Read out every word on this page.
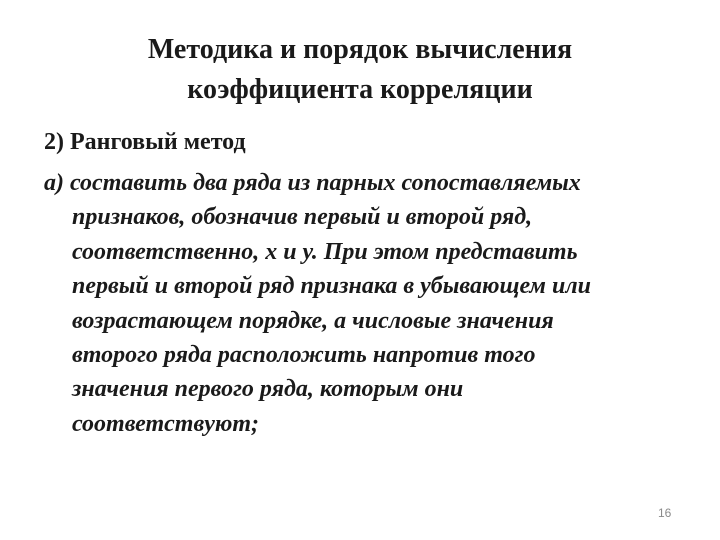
Методика и порядок вычисления
коэффициента корреляции

2) Ранговый метод

а) составить два ряда из парных сопоставляемых
признаков, обозначив первый и второй ряд,
соответственно, х и у. При этом представить
первый и второй ряд признака в убывающем или
возрастающем порядке, а числовые значения
второго ряда расположить напротив того
значения первого ряда, которым они
соответствуют;
16
